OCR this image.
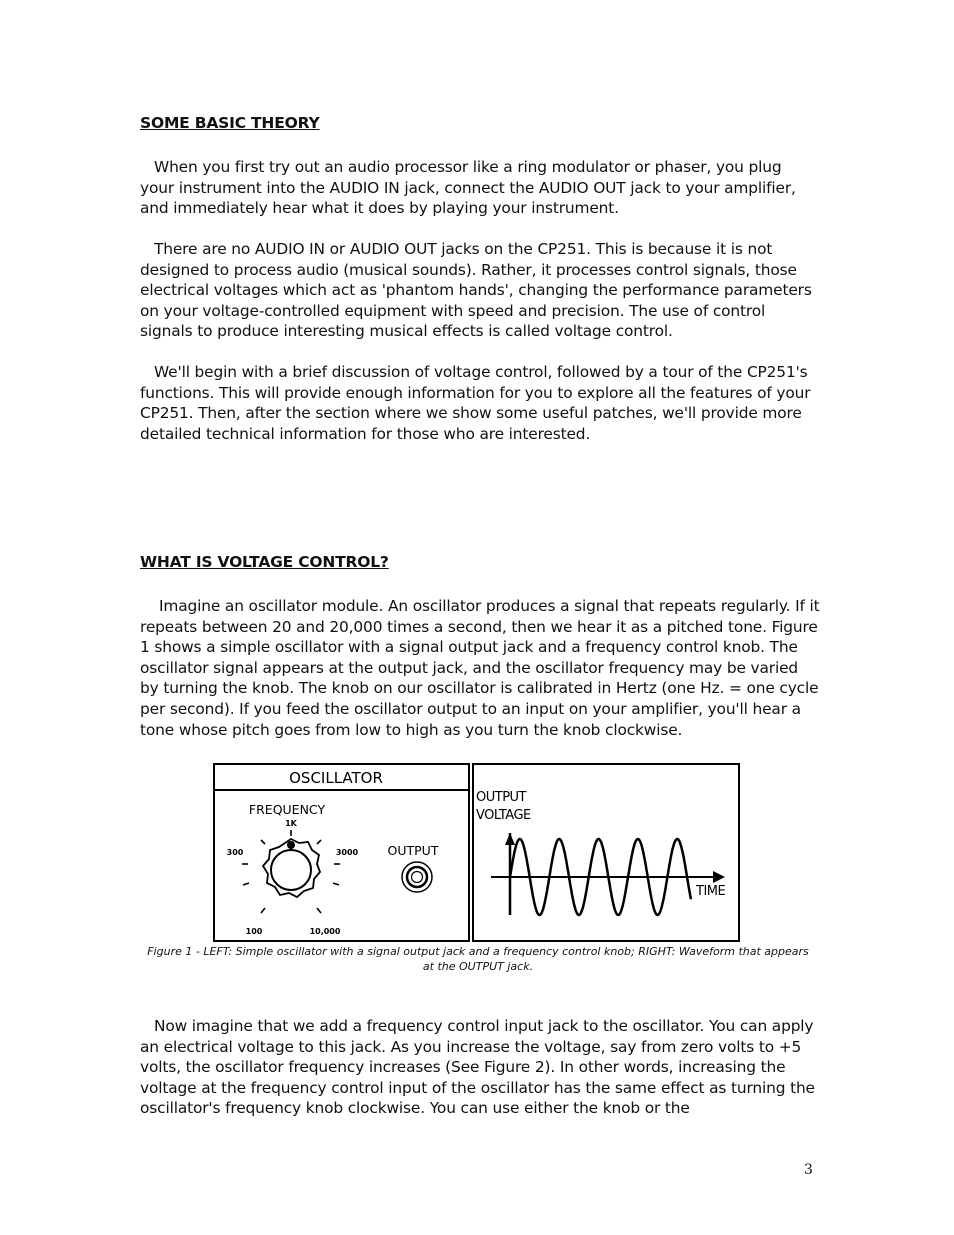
SOME BASIC THEORY

When you first try out an audio processor like a ring modulator or phaser, you plug your instrument into the AUDIO IN jack, connect the AUDIO OUT jack to your amplifier, and immediately hear what it does by playing your instrument.

There are no AUDIO IN or AUDIO OUT jacks on the CP251. This is because it is not designed to process audio (musical sounds). Rather, it processes control signals, those electrical voltages which act as 'phantom hands', changing the performance parameters on your voltage-controlled equipment with speed and precision. The use of control signals to produce interesting musical effects is called voltage control.

We'll begin with a brief discussion of voltage control, followed by a tour of the CP251's functions. This will provide enough information for you to explore all the features of your CP251. Then, after the section where we show some useful patches, we'll provide more detailed technical information for those who are interested.

WHAT IS VOLTAGE CONTROL?

Imagine an oscillator module. An oscillator produces a signal that repeats regularly. If it repeats between 20 and 20,000 times a second, then we hear it as a pitched tone. Figure 1 shows a simple oscillator with a signal output jack and a frequency control knob. The oscillator signal appears at the output jack, and the oscillator frequency may be varied by turning the knob. The knob on our oscillator is calibrated in Hertz (one Hz. = one cycle per second). If you feed the oscillator output to an input on your amplifier, you'll hear a tone whose pitch goes from low to high as you turn the knob clockwise.

OSCILLATOR
FREQUENCY
1K
300	3000
100	10,000
OUTPUT
OUTPUT
VOLTAGE
TIME

Figure 1 - LEFT: Simple oscillator with a signal output jack and a frequency control knob; RIGHT: Waveform that appears at the OUTPUT jack.

Now imagine that we add a frequency control input jack to the oscillator. You can apply an electrical voltage to this jack. As you increase the voltage, say from zero volts to +5 volts, the oscillator frequency increases (See Figure 2). In other words, increasing the voltage at the frequency control input of the oscillator has the same effect as turning the oscillator's frequency knob clockwise. You can use either the knob or the

3
